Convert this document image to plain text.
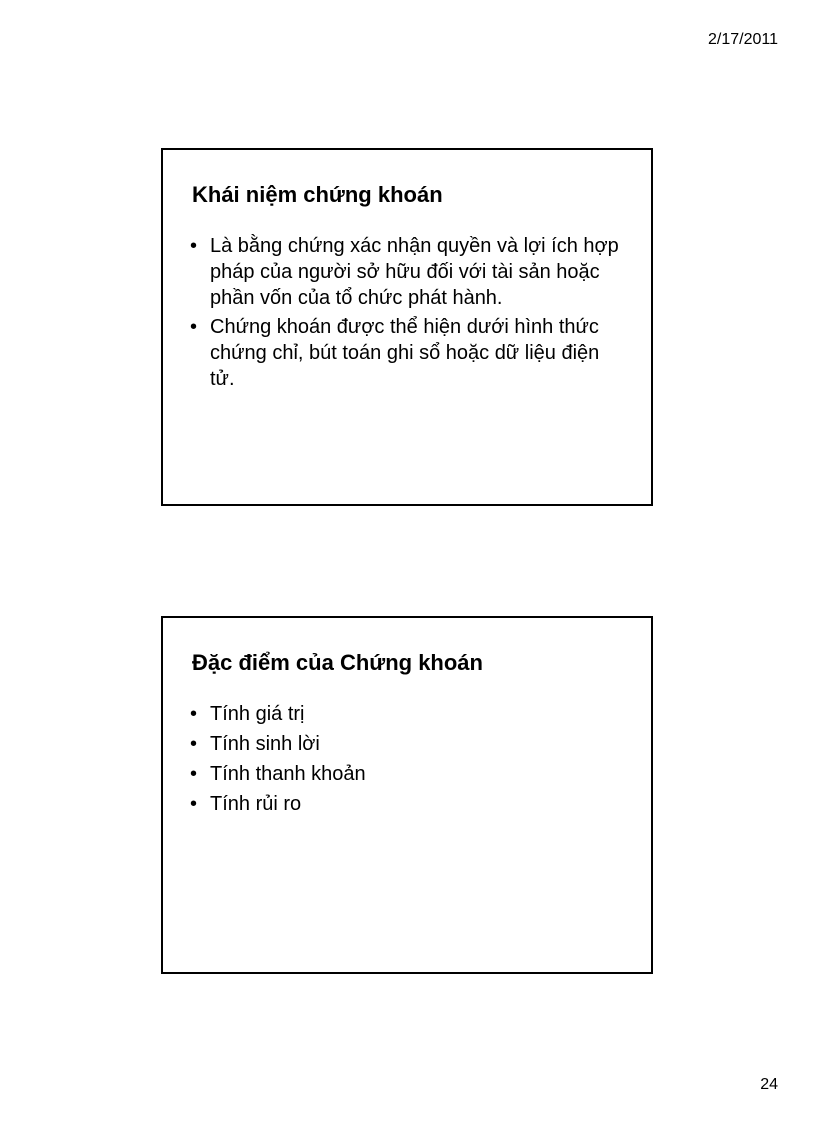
2/17/2011
Khái niệm chứng khoán
• Là bằng chứng xác nhận quyền và lợi ích hợp pháp của người sở hữu đối với tài sản hoặc phần vốn của tổ chức phát hành.
• Chứng khoán được thể hiện dưới hình thức chứng chỉ, bút toán ghi sổ hoặc dữ liệu điện tử.
Đặc điểm của Chứng khoán
• Tính giá trị
• Tính sinh lời
• Tính thanh khoản
• Tính rủi ro
24
